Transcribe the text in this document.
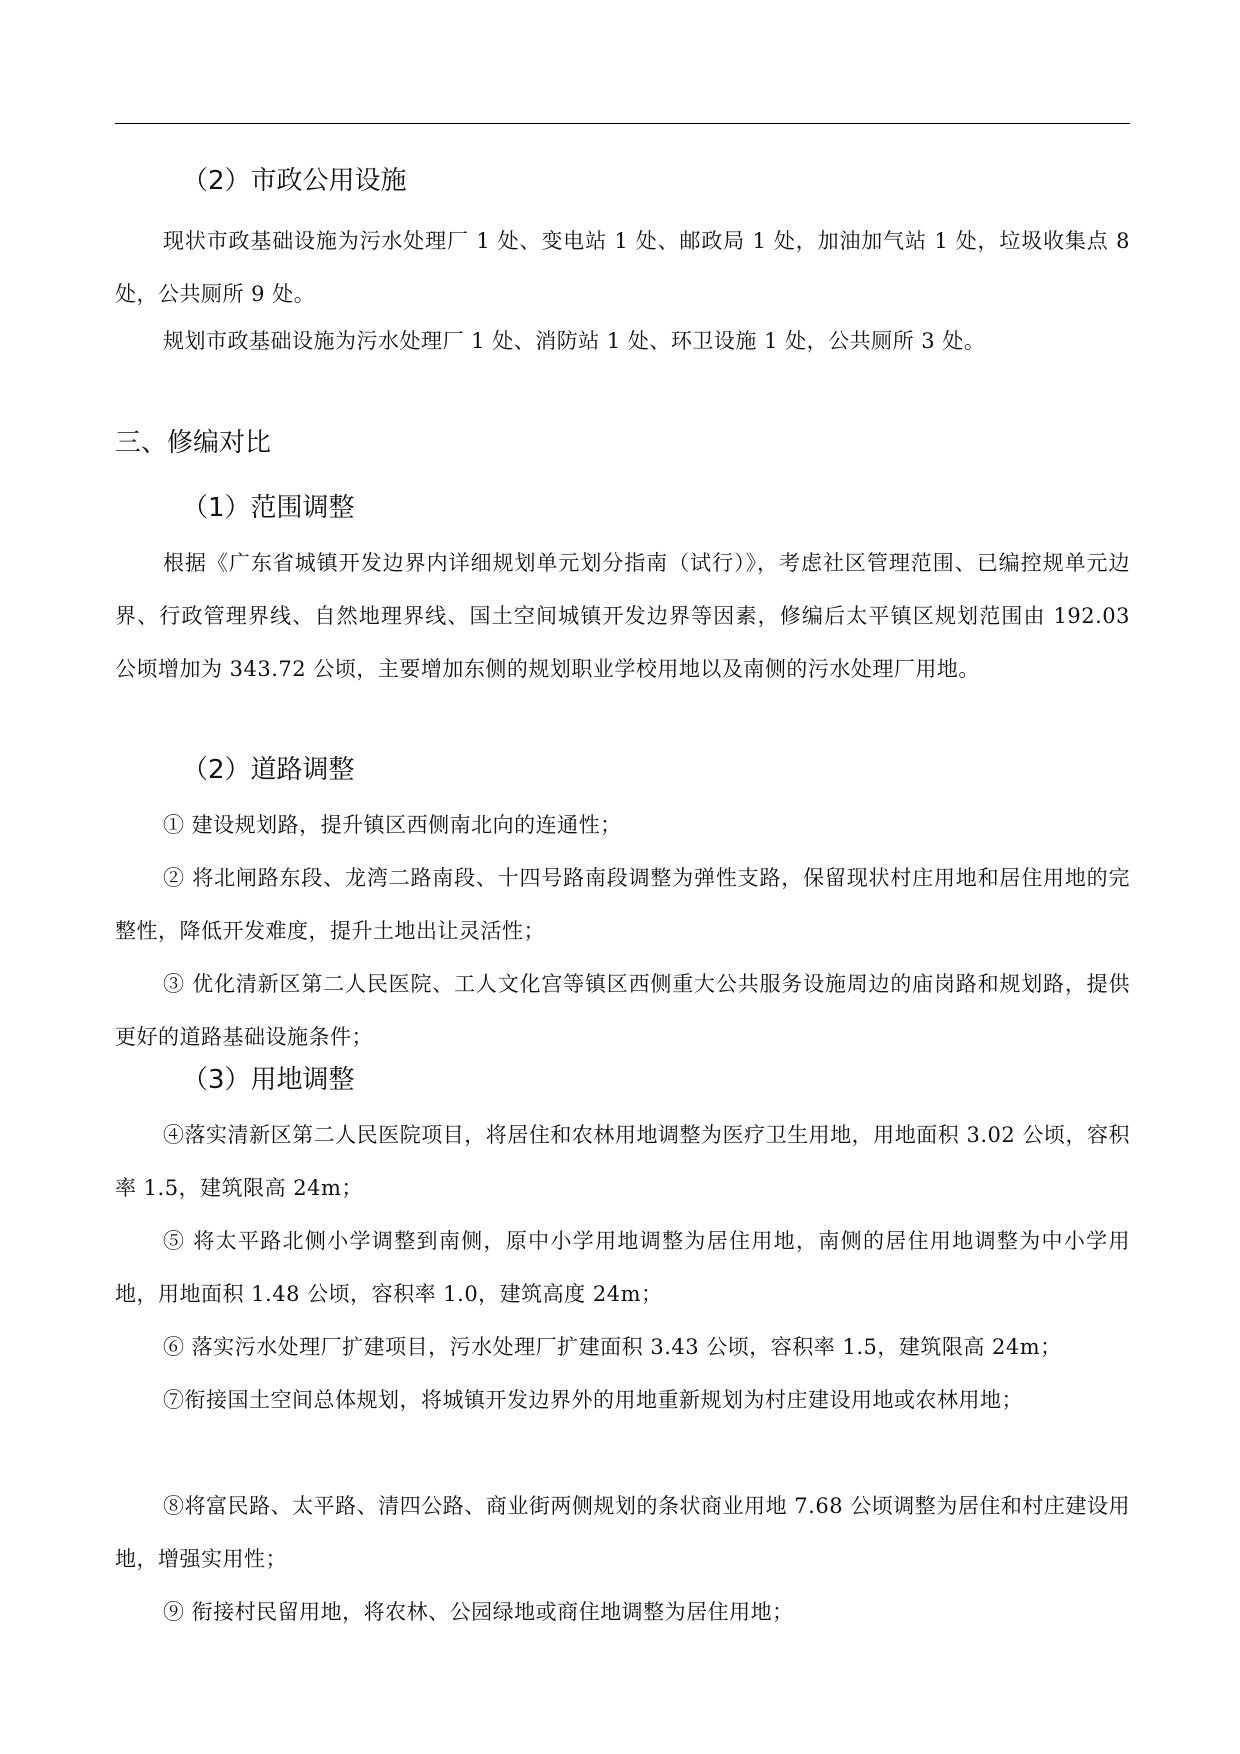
（2）市政公用设施
现状市政基础设施为污水处理厂 1 处、变电站 1 处、邮政局 1 处，加油加气站 1 处，垃圾收集点 8 处，公共厕所 9 处。
规划市政基础设施为污水处理厂 1 处、消防站 1 处、环卫设施 1 处，公共厕所 3 处。
三、修编对比
（1）范围调整
根据《广东省城镇开发边界内详细规划单元划分指南（试行）》，考虑社区管理范围、已编控规单元边界、行政管理界线、自然地理界线、国土空间城镇开发边界等因素，修编后太平镇区规划范围由 192.03 公顷增加为 343.72 公顷，主要增加东侧的规划职业学校用地以及南侧的污水处理厂用地。
（2）道路调整
① 建设规划路，提升镇区西侧南北向的连通性；
② 将北闸路东段、龙湾二路南段、十四号路南段调整为弹性支路，保留现状村庄用地和居住用地的完整性，降低开发难度，提升土地出让灵活性；
③ 优化清新区第二人民医院、工人文化宫等镇区西侧重大公共服务设施周边的庙岗路和规划路，提供更好的道路基础设施条件；
（3）用地调整
④落实清新区第二人民医院项目，将居住和农林用地调整为医疗卫生用地，用地面积 3.02 公顷，容积率 1.5，建筑限高 24m；
⑤ 将太平路北侧小学调整到南侧，原中小学用地调整为居住用地，南侧的居住用地调整为中小学用地，用地面积 1.48 公顷，容积率 1.0，建筑高度 24m；
⑥ 落实污水处理厂扩建项目，污水处理厂扩建面积 3.43 公顷，容积率 1.5，建筑限高 24m；
⑦衔接国土空间总体规划，将城镇开发边界外的用地重新规划为村庄建设用地或农林用地；
⑧将富民路、太平路、清四公路、商业街两侧规划的条状商业用地 7.68 公顷调整为居住和村庄建设用地，增强实用性；
⑨ 衔接村民留用地，将农林、公园绿地或商住地调整为居住用地；
